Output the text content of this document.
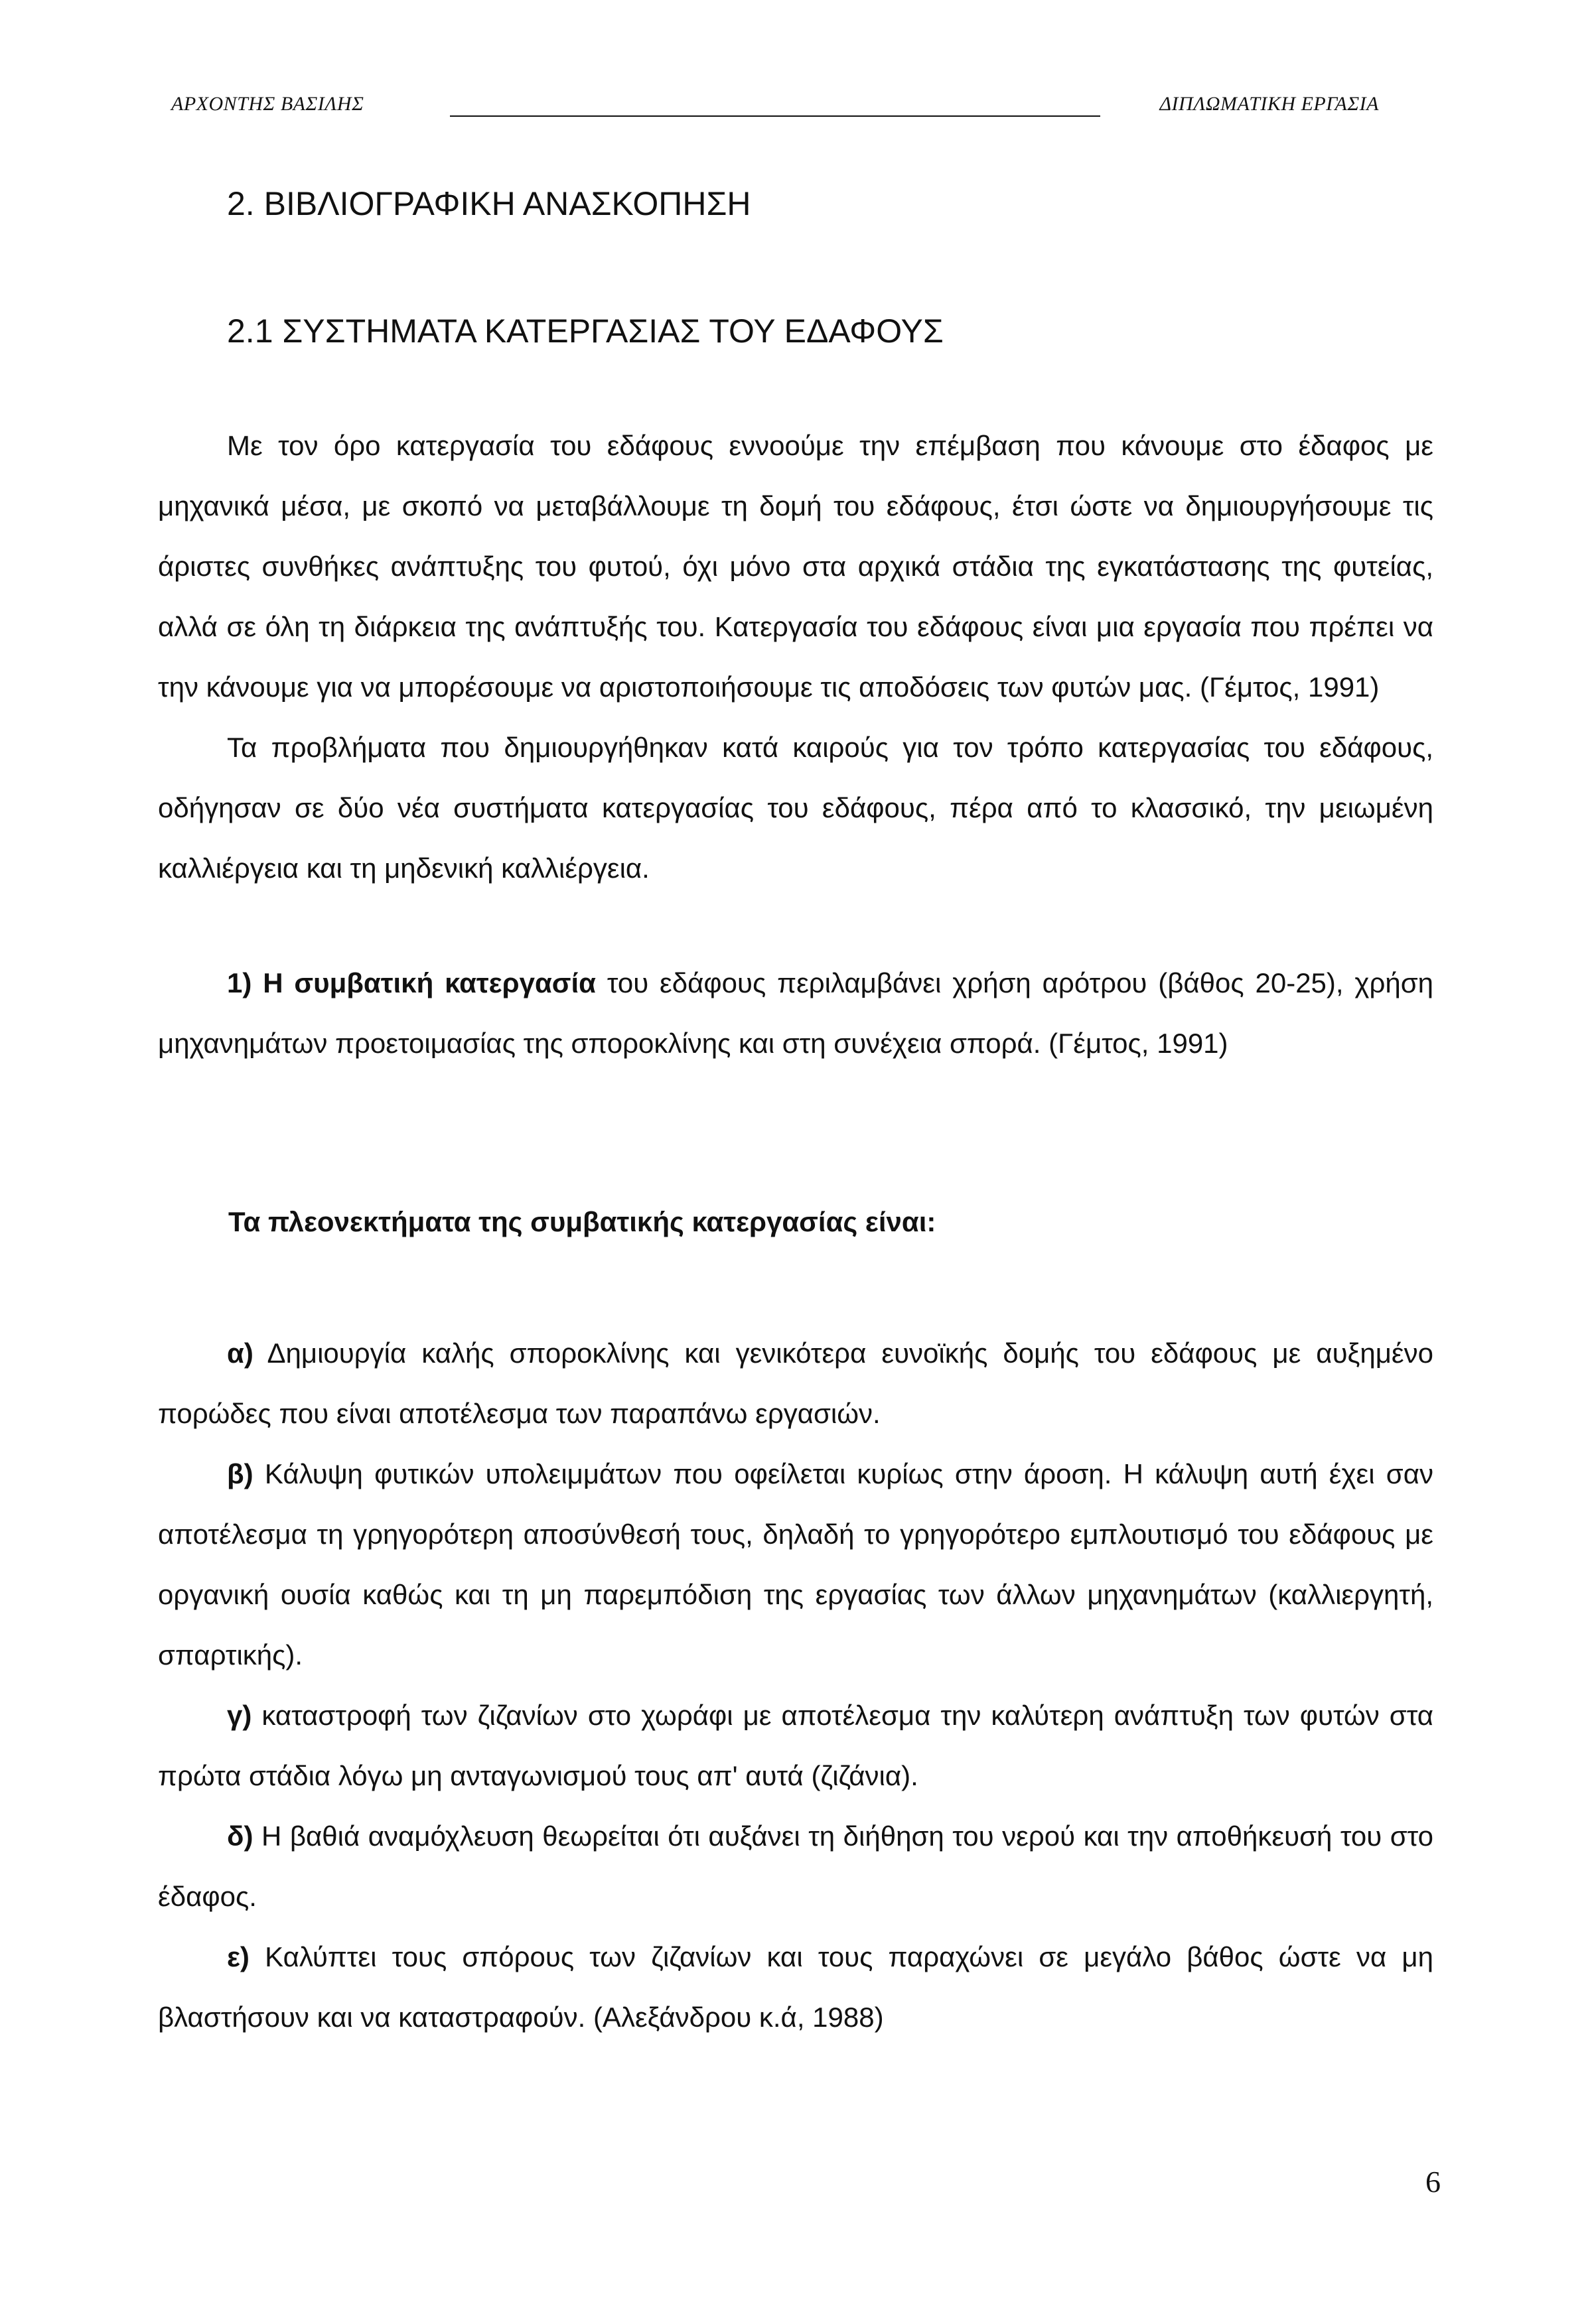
ΑΡΧΟΝΤΗΣ ΒΑΣΙΛΗΣ	ΔΙΠΛΩΜΑΤΙΚΗ ΕΡΓΑΣΙΑ
2. ΒΙΒΛΙΟΓΡΑΦΙΚΗ ΑΝΑΣΚΟΠΗΣΗ
2.1 ΣΥΣΤΗΜΑΤΑ ΚΑΤΕΡΓΑΣΙΑΣ ΤΟΥ ΕΔΑΦΟΥΣ

Με τον όρο κατεργασία του εδάφους εννοούμε την επέμβαση που κάνουμε στο έδαφος με μηχανικά μέσα, με σκοπό να μεταβάλλουμε τη δομή του εδάφους, έτσι ώστε να δημιουργήσουμε τις άριστες συνθήκες ανάπτυξης του φυτού, όχι μόνο στα αρχικά στάδια της εγκατάστασης της φυτείας, αλλά σε όλη τη διάρκεια της ανάπτυξής του. Κατεργασία του εδάφους είναι μια εργασία που πρέπει να την κάνουμε για να μπορέσουμε να αριστοποιήσουμε τις αποδόσεις των φυτών μας. (Γέμτος, 1991)

Τα προβλήματα που δημιουργήθηκαν κατά καιρούς για τον τρόπο κατεργασίας του εδάφους, οδήγησαν σε δύο νέα συστήματα κατεργασίας του εδάφους, πέρα από το κλασσικό, την μειωμένη καλλιέργεια και τη μηδενική καλλιέργεια.

1) Η συμβατική κατεργασία του εδάφους περιλαμβάνει χρήση αρότρου (βάθος 20-25), χρήση μηχανημάτων προετοιμασίας της σποροκλίνης και στη συνέχεια σπορά. (Γέμτος, 1991)

Τα πλεονεκτήματα της συμβατικής κατεργασίας είναι:

α) Δημιουργία καλής σποροκλίνης και γενικότερα ευνοϊκής δομής του εδάφους με αυξημένο πορώδες που είναι αποτέλεσμα των παραπάνω εργασιών.

β) Κάλυψη φυτικών υπολειμμάτων που οφείλεται κυρίως στην άροση. Η κάλυψη αυτή έχει σαν αποτέλεσμα τη γρηγορότερη αποσύνθεσή τους, δηλαδή το γρηγορότερο εμπλουτισμό του εδάφους με οργανική ουσία καθώς και τη μη παρεμπόδιση της εργασίας των άλλων μηχανημάτων (καλλιεργητή, σπαρτικής).

γ) καταστροφή των ζιζανίων στο χωράφι με αποτέλεσμα την καλύτερη ανάπτυξη των φυτών στα πρώτα στάδια λόγω μη ανταγωνισμού τους απ' αυτά (ζιζάνια).

δ) Η βαθιά αναμόχλευση θεωρείται ότι αυξάνει τη διήθηση του νερού και την αποθήκευσή του στο έδαφος.

ε) Καλύπτει τους σπόρους των ζιζανίων και τους παραχώνει σε μεγάλο βάθος ώστε να μη βλαστήσουν και να καταστραφούν. (Αλεξάνδρου κ.ά, 1988)

6
